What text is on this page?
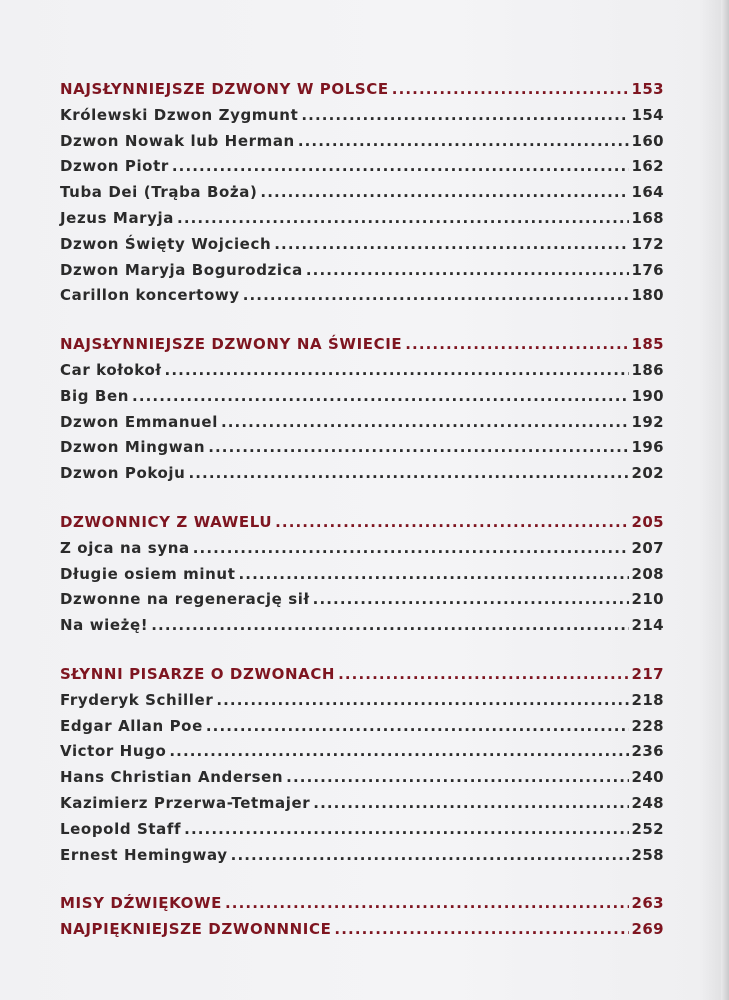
NAJSŁYNNIEJSZE DZWONY W POLSCE .....	153
Królewski Dzwon Zygmunt .....	154
Dzwon Nowak lub Herman .....	160
Dzwon Piotr .....	162
Tuba Dei (Trąba Boża) .....	164
Jezus Maryja .....	168
Dzwon Święty Wojciech .....	172
Dzwon Maryja Bogurodzica .....	176
Carillon koncertowy .....	180
NAJSŁYNNIEJSZE DZWONY NA ŚWIECIE .....	185
Car kołokoł .....	186
Big Ben .....	190
Dzwon Emmanuel .....	192
Dzwon Mingwan .....	196
Dzwon Pokoju .....	202
DZWONNICY Z WAWELU .....	205
Z ojca na syna .....	207
Długie osiem minut .....	208
Dzwonne na regenerację sił .....	210
Na wieżę! .....	214
SŁYNNI PISARZE O DZWONACH .....	217
Fryderyk Schiller .....	218
Edgar Allan Poe .....	228
Victor Hugo .....	236
Hans Christian Andersen .....	240
Kazimierz Przerwa-Tetmajer .....	248
Leopold Staff .....	252
Ernest Hemingway .....	258
MISY DŹWIĘKOWE .....	263
NAJPIĘKNIEJSZE DZWONNNICE .....	269
